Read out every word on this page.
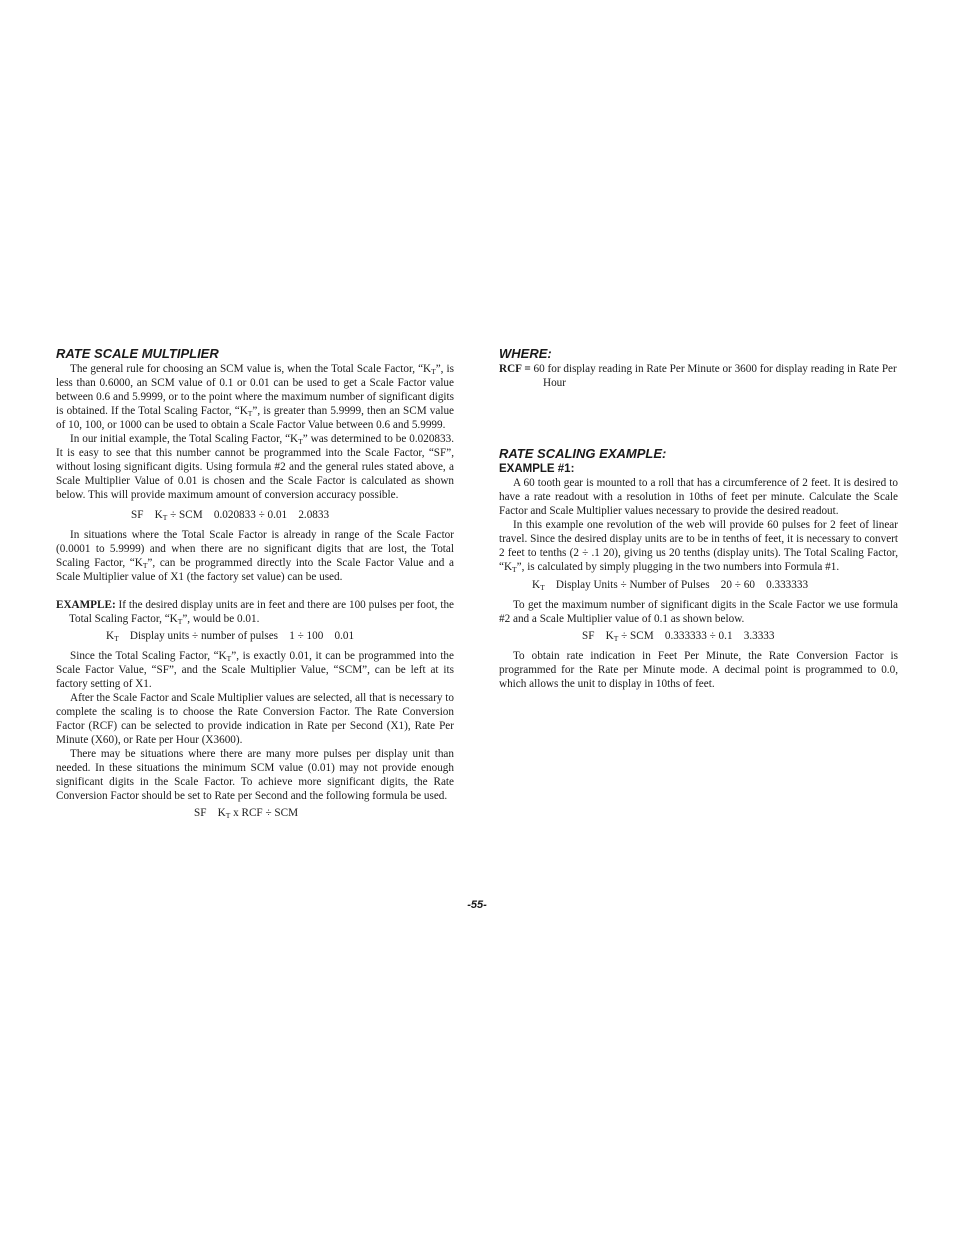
RATE SCALE MULTIPLIER

The general rule for choosing an SCM value is, when the Total Scale Factor, “$K_T$”, is less than 0.6000, an SCM value of 0.1 or 0.01 can be used to get a Scale Factor value between 0.6 and 5.9999, or to the point where the maximum number of significant digits is obtained. If the Total Scaling Factor, “$K_T$”, is greater than 5.9999, then an SCM value of 10, 100, or 1000 can be used to obtain a Scale Factor Value between 0.6 and 5.9999.

In our initial example, the Total Scaling Factor, “$K_T$” was determined to be 0.020833. It is easy to see that this number cannot be programmed into the Scale Factor, “SF”, without losing significant digits. Using formula #2 and the general rules stated above, a Scale Multiplier Value of 0.01 is chosen and the Scale Factor is calculated as shown below. This will provide maximum amount of conversion accuracy possible.

SF    $K_T$ ÷ SCM    0.020833 ÷ 0.01    2.0833

In situations where the Total Scale Factor is already in range of the Scale Factor (0.0001 to 5.9999) and when there are no significant digits that are lost, the Total Scaling Factor, “$K_T$”, can be programmed directly into the Scale Factor Value and a Scale Multiplier value of X1 (the factory set value) can be used.

EXAMPLE: If the desired display units are in feet and there are 100 pulses per foot, the Total Scaling Factor, “$K_T$”, would be 0.01.

$K_T$    Display units ÷ number of pulses    1 ÷ 100    0.01

Since the Total Scaling Factor, “$K_T$”, is exactly 0.01, it can be programmed into the Scale Factor Value, “SF”, and the Scale Multiplier Value, “SCM”, can be left at its factory setting of X1.

After the Scale Factor and Scale Multiplier values are selected, all that is necessary to complete the scaling is to choose the Rate Conversion Factor. The Rate Conversion Factor (RCF) can be selected to provide indication in Rate per Second (X1), Rate Per Minute (X60), or Rate per Hour (X3600).

There may be situations where there are many more pulses per display unit than needed. In these situations the minimum SCM value (0.01) may not provide enough significant digits in the Scale Factor. To achieve more significant digits, the Rate Conversion Factor should be set to Rate per Second and the following formula be used.

SF    $K_T$ x RCF ÷ SCM
WHERE:

RCF = 60 for display reading in Rate Per Minute or 3600 for display reading in Rate Per Hour

RATE SCALING EXAMPLE:
EXAMPLE #1:

A 60 tooth gear is mounted to a roll that has a circumference of 2 feet. It is desired to have a rate readout with a resolution in 10ths of feet per minute. Calculate the Scale Factor and Scale Multiplier values necessary to provide the desired readout.

In this example one revolution of the web will provide 60 pulses for 2 feet of linear travel. Since the desired display units are to be in tenths of feet, it is necessary to convert 2 feet to tenths (2 ÷ .1 20), giving us 20 tenths (display units). The Total Scaling Factor, “$K_T$”, is calculated by simply plugging in the two numbers into Formula #1.

$K_T$    Display Units ÷ Number of Pulses    20 ÷ 60    0.333333

To get the maximum number of significant digits in the Scale Factor we use formula #2 and a Scale Multiplier value of 0.1 as shown below.

SF    $K_T$ ÷ SCM    0.333333 ÷ 0.1    3.3333

To obtain rate indication in Feet Per Minute, the Rate Conversion Factor is programmed for the Rate per Minute mode. A decimal point is programmed to 0.0, which allows the unit to display in 10ths of feet.

-55-
